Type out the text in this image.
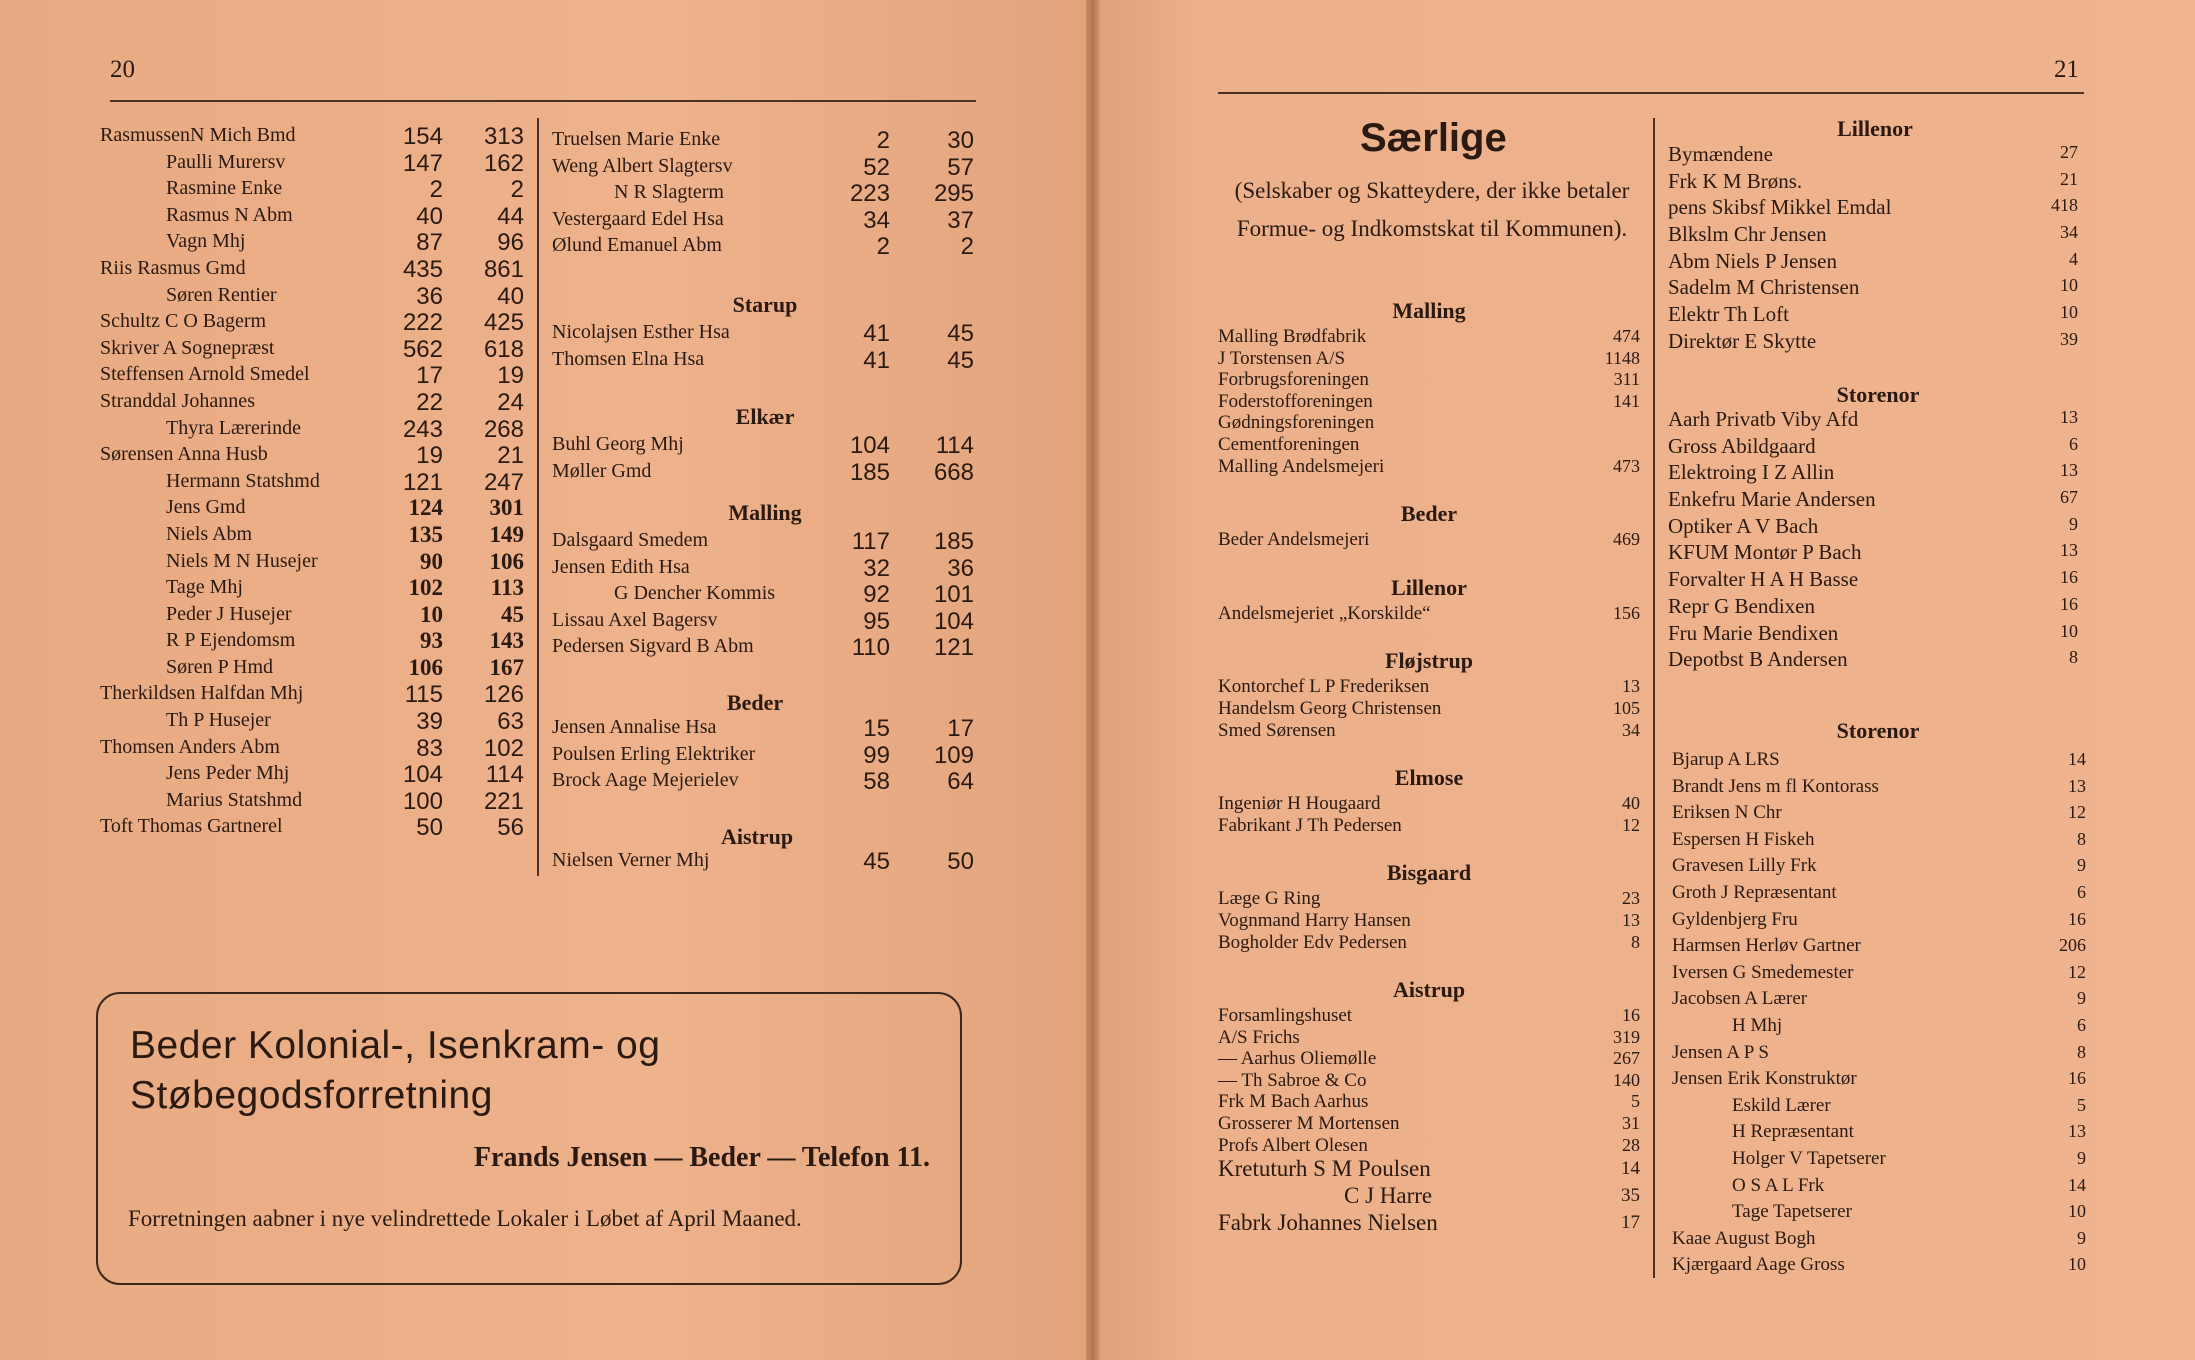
20
RasmussenN Mich Bmd	154 313
Paulli Murersv	147 162
Rasmine Enke	2	2
Rasmus N Abm	40 44
Vagn Mhj	87 96
Riis Rasmus Gmd	435 861
Søren Rentier	36 40
Schultz C O Bagerm	222 425
Skriver A Sognepræst	562 618
Steffensen Arnold Smedel	17 19
Stranddal Johannes	22 24
Thyra Lærerinde	243 268
Sørensen Anna Husb	19 21
Hermann Statshmd	121 247
Jens Gmd	124 301
Niels Abm	135 149
Niels M N Husejer	90 106
Tage Mhj	102 113
Peder J Husejer	10	45
R P Ejendomsm	93 143
Søren P Hmd	106 167
Therkildsen Halfdan Mhj	115 126
Th P Husejer	39 63
Thomsen Anders Abm	83 102
Jens Peder Mhj	104 114
Marius Statshmd	100 221
Toft Thomas Gartnerel	50 56
Truelsen Marie Enke	2 30
Weng Albert Slagtersv	52 57
N R Slagterm	223 295
Vestergaard Edel Hsa	34 37
Ølund Emanuel Abm	2	2
Starup
Nicolajsen Esther Hsa	41 45
Thomsen Elna Hsa	41 45
Elkær
Buhl Georg Mhj	104 114
Møller Gmd	185 668
Malling
Dalsgaard Smedem	117 185
Jensen Edith Hsa	32 36
G Dencher Kommis	92 101
Lissau Axel Bagersv	95 104
Pedersen Sigvard B Abm	110 121
Beder
Jensen Annalise Hsa	15 17
Poulsen Erling Elektriker	99 109
Brock Aage Mejerielev	58 64
Aistrup
Nielsen Verner Mhj	45 50
Beder Kolonial-, Isenkram- og
Støbegodsforretning
Frands Jensen — Beder — Telefon 11.
Forretningen aabner i nye velindrettede Lokaler i Løbet af April Maaned.
21
Særlige
(Selskaber og Skatteydere, der ikke betaler Formue- og Indkomstskat til Kommunen).
Malling
Malling Brødfabrik	474
J Torstensen A/S	1148
Forbrugsforeningen	311
Foderstofforeningen	141
Gødningsforeningen
Cementforeningen
Malling Andelsmejeri	473
Beder
Beder Andelsmejeri	469
Lillenor
Andelsmejeriet „Korskilde“	156
Fløjstrup
Kontorchef L P Frederiksen	13
Handelsm Georg Christensen	105
Smed Sørensen	34
Elmose
Ingeniør H Hougaard	40
Fabrikant J Th Pedersen	12
Bisgaard
Læge G Ring	23
Vognmand Harry Hansen	13
Bogholder Edv Pedersen	8
Aistrup
Forsamlingshuset	16
A/S Frichs	319
— Aarhus Oliemølle	267
— Th Sabroe & Co	140
Frk M Bach Aarhus	5
Grosserer M Mortensen	31
Profs Albert Olesen	28
Kretuturh S M Poulsen	14
C J Harre	35
Fabrk Johannes Nielsen	17
Lillenor
Bymændene	27
Frk K M Brøns.	21
pens Skibsf Mikkel Emdal	418
Blkslm Chr Jensen	34
Abm Niels P Jensen	4
Sadelm M Christensen	10
Elektr Th Loft	10
Direktør E Skytte	39
Storenor
Aarh Privatb Viby Afd	13
Gross Abildgaard	6
Elektroing I Z Allin	13
Enkefru Marie Andersen	67
Optiker A V Bach	9
KFUM Montør P Bach	13
Forvalter H A H Basse	16
Repr G Bendixen	16
Fru Marie Bendixen	10
Depotbst B Andersen	8
Storenor
Bjarup A LRS	14
Brandt Jens m fl Kontorass	13
Eriksen N Chr	12
Espersen H Fiskeh	8
Gravesen Lilly Frk	9
Groth J Repræsentant	6
Gyldenbjerg Fru	16
Harmsen Herløv Gartner	206
Iversen G Smedemester	12
Jacobsen A Lærer	9
H Mhj	6
Jensen A P S	8
Jensen Erik Konstruktør	16
Eskild Lærer	5
H Repræsentant	13
Holger V Tapetserer	9
O S A L Frk	14
Tage Tapetserer	10
Kaae August Bogh	9
Kjærgaard Aage Gross	10
